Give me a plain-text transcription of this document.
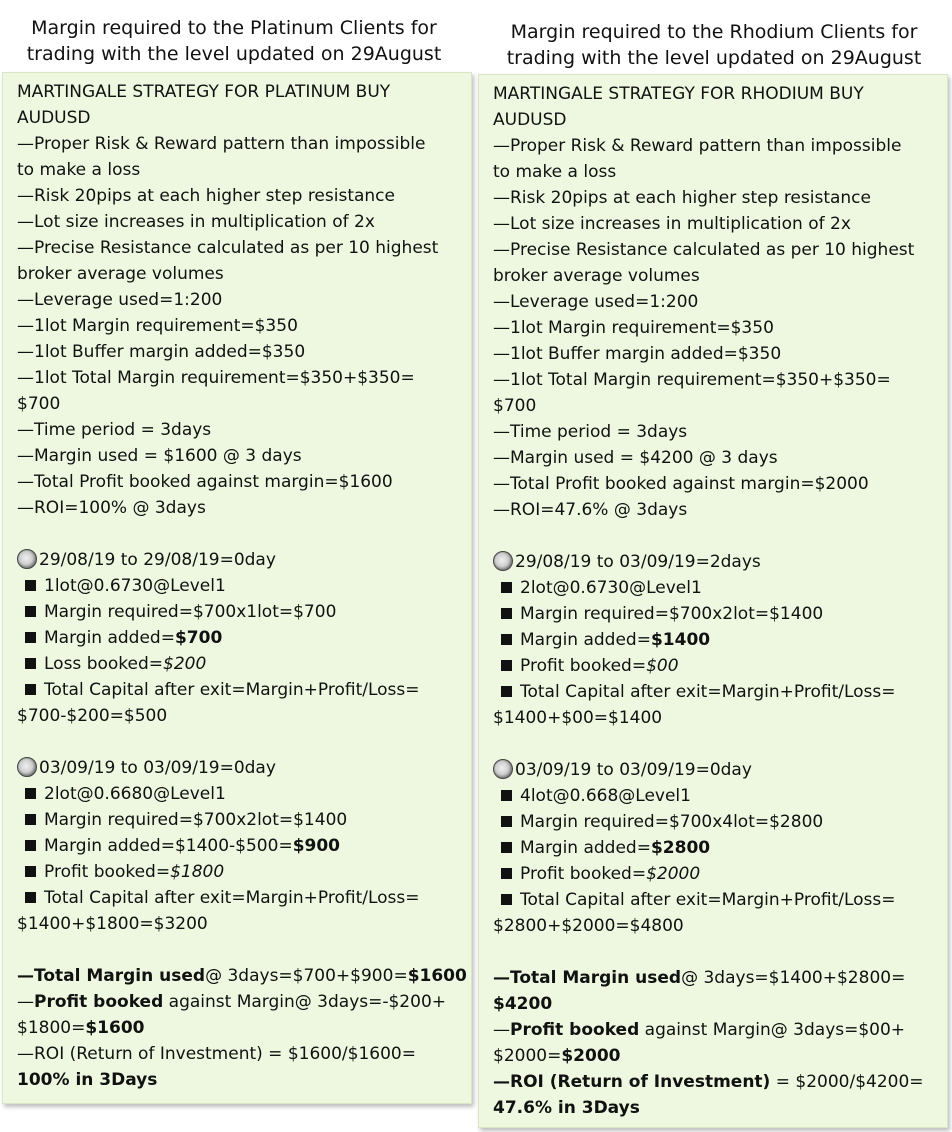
Margin required to the Platinum Clients for
trading with the level updated on 29August
MARTINGALE STRATEGY FOR PLATINUM BUY
AUDUSD
—Proper Risk & Reward pattern than impossible
to make a loss
—Risk 20pips at each higher step resistance
—Lot size increases in multiplication of 2x
—Precise Resistance calculated as per 10 highest
broker average volumes
—Leverage used=1:200
—1lot Margin requirement=$350
—1lot Buffer margin added=$350
—1lot Total Margin requirement=$350+$350=
$700
—Time period = 3days
—Margin used = $1600 @ 3 days
—Total Profit booked against margin=$1600
—ROI=100% @ 3days
29/08/19 to 29/08/19=0day
1lot@0.6730@Level1
Margin required=$700x1lot=$700
Margin added=$700
Loss booked=$200
Total Capital after exit=Margin+Profit/Loss=
$700-$200=$500
03/09/19 to 03/09/19=0day
2lot@0.6680@Level1
Margin required=$700x2lot=$1400
Margin added=$1400-$500=$900
Profit booked=$1800
Total Capital after exit=Margin+Profit/Loss=
$1400+$1800=$3200
—Total Margin used@ 3days=$700+$900=$1600
—Profit booked against Margin@ 3days=-$200+
$1800=$1600
—ROI (Return of Investment) = $1600/$1600=
100% in 3Days
Margin required to the Rhodium Clients for
trading with the level updated on 29August
MARTINGALE STRATEGY FOR RHODIUM BUY
AUDUSD
—Proper Risk & Reward pattern than impossible
to make a loss
—Risk 20pips at each higher step resistance
—Lot size increases in multiplication of 2x
—Precise Resistance calculated as per 10 highest
broker average volumes
—Leverage used=1:200
—1lot Margin requirement=$350
—1lot Buffer margin added=$350
—1lot Total Margin requirement=$350+$350=
$700
—Time period = 3days
—Margin used = $4200 @ 3 days
—Total Profit booked against margin=$2000
—ROI=47.6% @ 3days
29/08/19 to 03/09/19=2days
2lot@0.6730@Level1
Margin required=$700x2lot=$1400
Margin added=$1400
Profit booked=$00
Total Capital after exit=Margin+Profit/Loss=
$1400+$00=$1400
03/09/19 to 03/09/19=0day
4lot@0.668@Level1
Margin required=$700x4lot=$2800
Margin added=$2800
Profit booked=$2000
Total Capital after exit=Margin+Profit/Loss=
$2800+$2000=$4800
—Total Margin used@ 3days=$1400+$2800=
$4200
—Profit booked against Margin@ 3days=$00+
$2000=$2000
—ROI (Return of Investment) = $2000/$4200=
47.6% in 3Days
